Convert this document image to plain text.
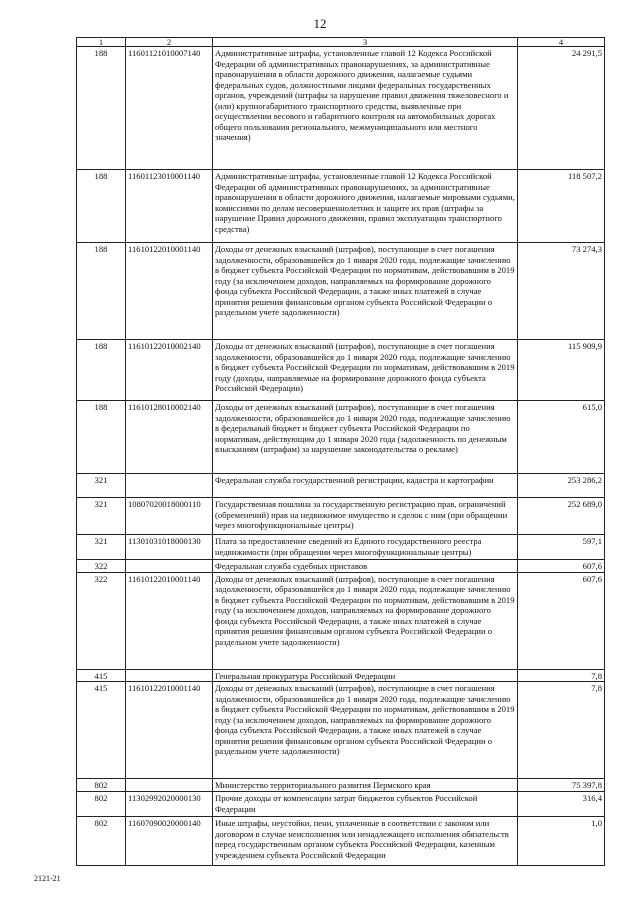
12
1	2	3	4
188	11601121010007140	Административные штрафы, установленные главой 12 Кодекса Российской Федерации об административных правонарушениях, за административные правонарушения в области дорожного движения, налагаемые судьями федеральных судов, должностными лицами федеральных государственных органов, учреждений (штрафы за нарушение правил движения тяжеловесного и (или) крупногабаритного транспортного средства, выявленные при осуществлении весового и габаритного контроля на автомобильных дорогах общего пользования регионального, межмуниципального или местного значения)	24 291,5
188	11601123010001140	Административные штрафы, установленные главой 12 Кодекса Российской Федерации об административных правонарушениях, за административные правонарушения в области дорожного движения, налагаемые мировыми судьями, комиссиями по делам несовершеннолетних и защите их прав (штрафы за нарушение Правил дорожного движения, правил эксплуатации транспортного средства)	118 507,2
188	11610122010001140	Доходы от денежных взысканий (штрафов), поступающие в счет погашения задолженности, образовавшейся до 1 января 2020 года, подлежащие зачислению в бюджет субъекта Российской Федерации по нормативам, действовавшим в 2019 году (за исключением доходов, направляемых на формирование дорожного фонда субъекта Российской Федерации, а также иных платежей в случае принятия решения финансовым органом субъекта Российской Федерации о раздельном учете задолженности)	73 274,3
188	11610122010002140	Доходы от денежных взысканий (штрафов), поступающие в счет погашения задолженности, образовавшейся до 1 января 2020 года, подлежащие зачислению в бюджет субъекта Российской Федерации по нормативам, действовавшим в 2019 году (доходы, направляемые на формирование дорожного фонда субъекта Российской Федерации)	115 909,9
188	11610128010002140	Доходы от денежных взысканий (штрафов), поступающие в счет погашения задолженности, образовавшейся до 1 января 2020 года, подлежащие зачислению в федеральный бюджет и бюджет субъекта Российской Федерации по нормативам, действующим до 1 января 2020 года (задолженность по денежным взысканиям (штрафам) за нарушение законодательства о рекламе)	615,0
321		Федеральная служба государственной регистрации, кадастра и картографии	253 286,2
321	10807020018000110	Государственная пошлина за государственную регистрацию прав, ограничений (обременений) прав на недвижимое имущество и сделок с ним (при обращении через многофункциональные центры)	252 689,0
321	11301031018000130	Плата за предоставление сведений из Единого государственного реестра недвижимости (при обращении через многофункциональные центры)	597,1
322		Федеральная служба судебных приставов	607,6
322	11610122010001140	Доходы от денежных взысканий (штрафов), поступающие в счет погашения задолженности, образовавшейся до 1 января 2020 года, подлежащие зачислению в бюджет субъекта Российской Федерации по нормативам, действовавшим в 2019 году (за исключением доходов, направляемых на формирование дорожного фонда субъекта Российской Федерации, а также иных платежей в случае принятия решения финансовым органом субъекта Российской Федерации о раздельном учете задолженности)	607,6
415		Генеральная прокуратура Российской Федерации	7,8
415	11610122010001140	Доходы от денежных взысканий (штрафов), поступающие в счет погашения задолженности, образовавшейся до 1 января 2020 года, подлежащие зачислению в бюджет субъекта Российской Федерации по нормативам, действовавшим в 2019 году (за исключением доходов, направляемых на формирование дорожного фонда субъекта Российской Федерации, а также иных платежей в случае принятия решения финансовым органом субъекта Российской Федерации о раздельном учете задолженности)	7,8
802		Министерство территориального развития Пермского края	75 397,8
802	11302992020000130	Прочие доходы от компенсации затрат бюджетов субъектов Российской Федерации	316,4
802	11607090020000140	Иные штрафы, неустойки, пени, уплаченные в соответствии с законом или договором в случае неисполнения или ненадлежащего исполнения обязательств перед государственным органом субъекта Российской Федерации, казенным учреждением субъекта Российской Федерации	1,0
2121-21
